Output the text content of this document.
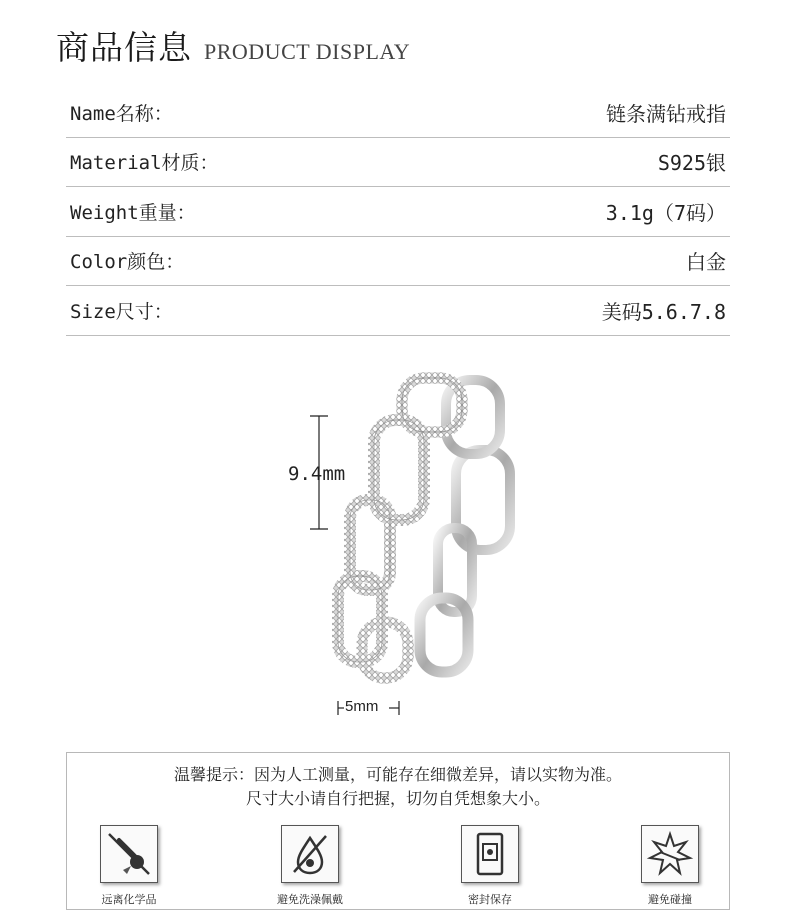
商品信息 PRODUCT DISPLAY
Name名称：	链条满钻戒指
Material材质：	S925银
Weight重量：	3.1g（7码）
Color颜色：	白金
Size尺寸：	美码5.6.7.8
9.4mm
5mm
温馨提示：因为人工测量，可能存在细微差异，请以实物为准。
尺寸大小请自行把握，切勿自凭想象大小。
远离化学品	避免洗澡佩戴	密封保存	避免碰撞
